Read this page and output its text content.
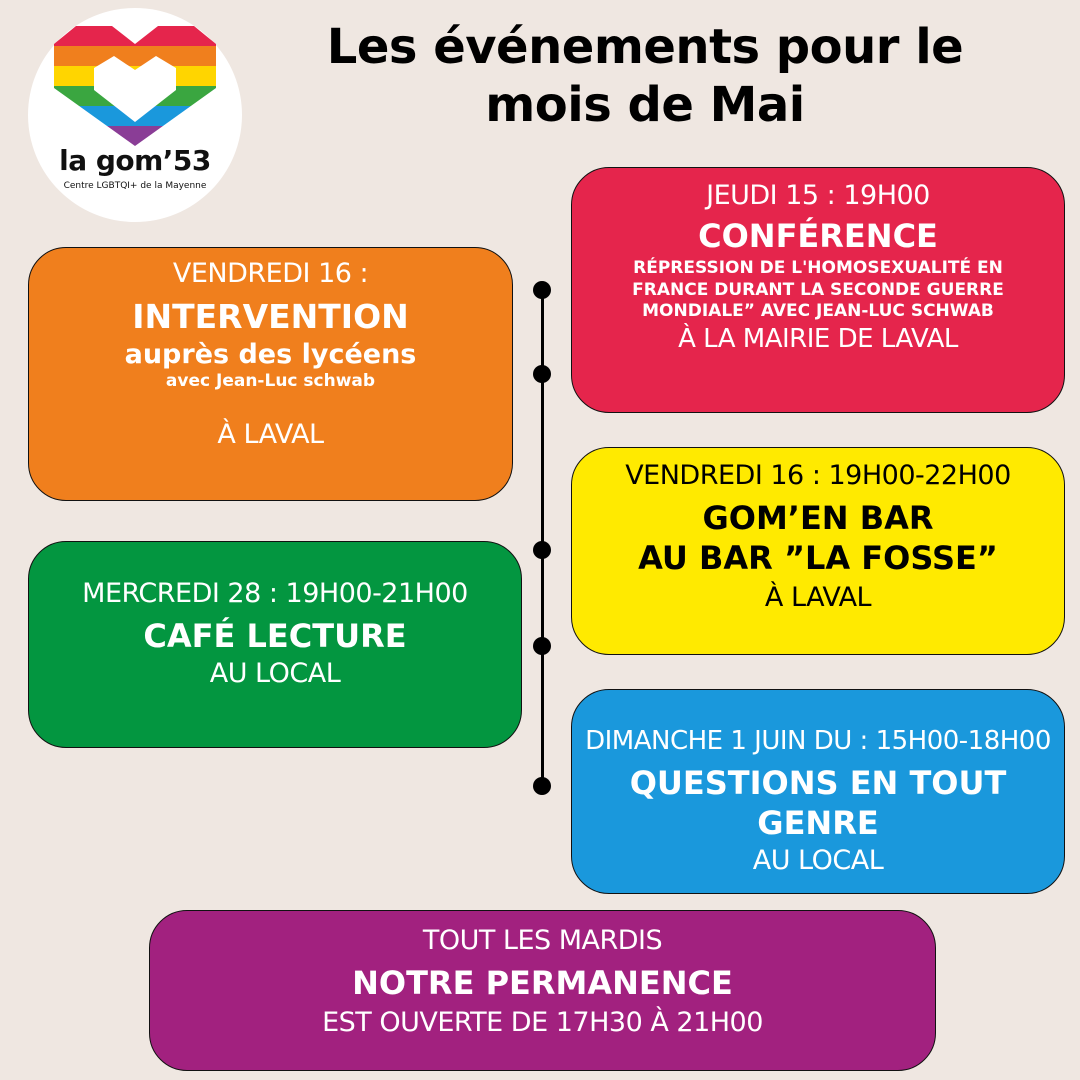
la gom’53
Centre LGBTQI+ de la Mayenne
Les événements pour le
mois de Mai
VENDREDI 16 :
INTERVENTION
auprès des lycéens
avec Jean-Luc schwab
À LAVAL
JEUDI 15 : 19H00
CONFÉRENCE
RÉPRESSION DE L'HOMOSEXUALITÉ EN
FRANCE DURANT LA SECONDE GUERRE
MONDIALE” AVEC JEAN-LUC SCHWAB
À LA MAIRIE DE LAVAL
VENDREDI 16 : 19H00-22H00
GOM’EN BAR
AU BAR ”LA FOSSE”
À LAVAL
MERCREDI 28 : 19H00-21H00
CAFÉ LECTURE
AU LOCAL
DIMANCHE 1 JUIN DU : 15H00-18H00
QUESTIONS EN TOUT GENRE
AU LOCAL
TOUT LES MARDIS
NOTRE PERMANENCE
EST OUVERTE DE 17H30 À 21H00
